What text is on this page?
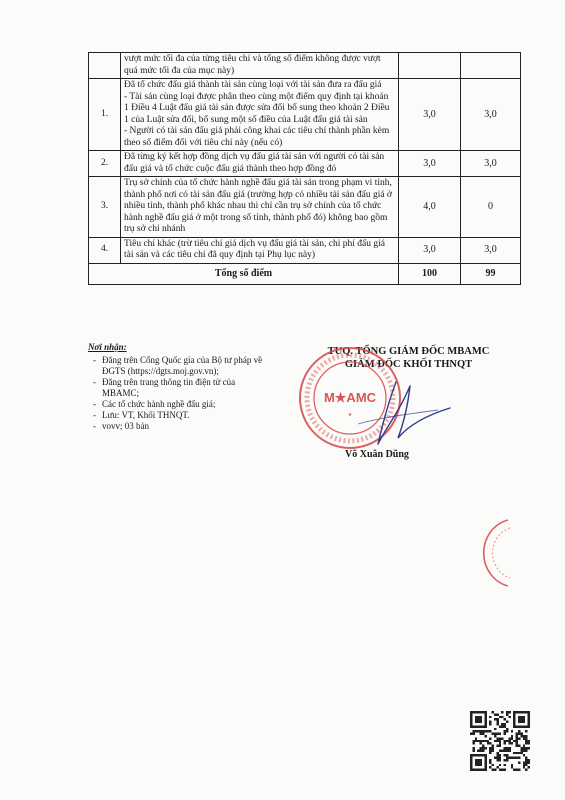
	vượt mức tối đa của từng tiêu chí và tổng số điểm không được vượt quá mức tối đa của mục này)		
1.	Đã tổ chức đấu giá thành tài sản cùng loại với tài sản đưa ra đấu giá
- Tài sản cùng loại được phân theo cùng một điểm quy định tại khoản 1 Điều 4 Luật đấu giá tài sản được sửa đổi bổ sung theo khoản 2 Điều 1 của Luật sửa đổi, bổ sung một số điều của Luật đấu giá tài sản
- Người có tài sản đấu giá phải công khai các tiêu chí thành phần kèm theo số điểm đối với tiêu chí này (nếu có)	3,0	3,0
2.	Đã từng ký kết hợp đồng dịch vụ đấu giá tài sản với người có tài sản đấu giá và tổ chức cuộc đấu giá thành theo hợp đồng đó	3,0	3,0
3.	Trụ sở chính của tổ chức hành nghề đấu giá tài sản trong phạm vi tỉnh, thành phố nơi có tài sản đấu giá (trường hợp có nhiều tài sản đấu giá ở nhiều tỉnh, thành phố khác nhau thì chỉ cần trụ sở chính của tổ chức hành nghề đấu giá ở một trong số tỉnh, thành phố đó) không bao gồm trụ sở chi nhánh	4,0	0
4.	Tiêu chí khác (trừ tiêu chí giá dịch vụ đấu giá tài sản, chi phí đấu giá tài sản và các tiêu chí đã quy định tại Phụ lục này)	3,0	3,0
Tổng số điểm		100	99
Nơi nhận:
- Đăng trên Cổng Quốc gia của Bộ tư pháp về ĐGTS (https://dgts.moj.gov.vn);
- Đăng trên trang thông tin điện tử của MBAMC;
- Các tổ chức hành nghề đấu giá;
- Lưu: VT, Khối THNQT.
- vovv; 03 bản
TUQ. TỔNG GIÁM ĐỐC MBAMC
GIÁM ĐỐC KHỐI THNQT
M★AMC
★
Võ Xuân Dũng
